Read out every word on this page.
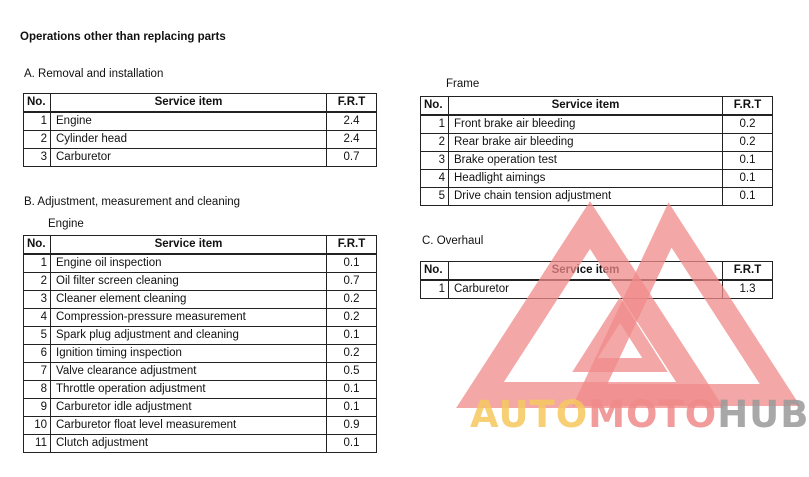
Operations other than replacing parts
A. Removal and installation
No.	Service item	F.R.T
1	Engine	2.4
2	Cylinder head	2.4
3	Carburetor	0.7
B. Adjustment, measurement and cleaning
Engine
No.	Service item	F.R.T
1	Engine oil inspection	0.1
2	Oil filter screen cleaning	0.7
3	Cleaner element cleaning	0.2
4	Compression-pressure measurement	0.2
5	Spark plug adjustment and cleaning	0.1
6	Ignition timing inspection	0.2
7	Valve clearance adjustment	0.5
8	Throttle operation adjustment	0.1
9	Carburetor idle adjustment	0.1
10	Carburetor float level measurement	0.9
11	Clutch adjustment	0.1
Frame
No.	Service item	F.R.T
1	Front brake air bleeding	0.2
2	Rear brake air bleeding	0.2
3	Brake operation test	0.1
4	Headlight aimings	0.1
5	Drive chain tension adjustment	0.1
C. Overhaul
No.	Service item	F.R.T
1	Carburetor	1.3
AUTOMOTOHUB
